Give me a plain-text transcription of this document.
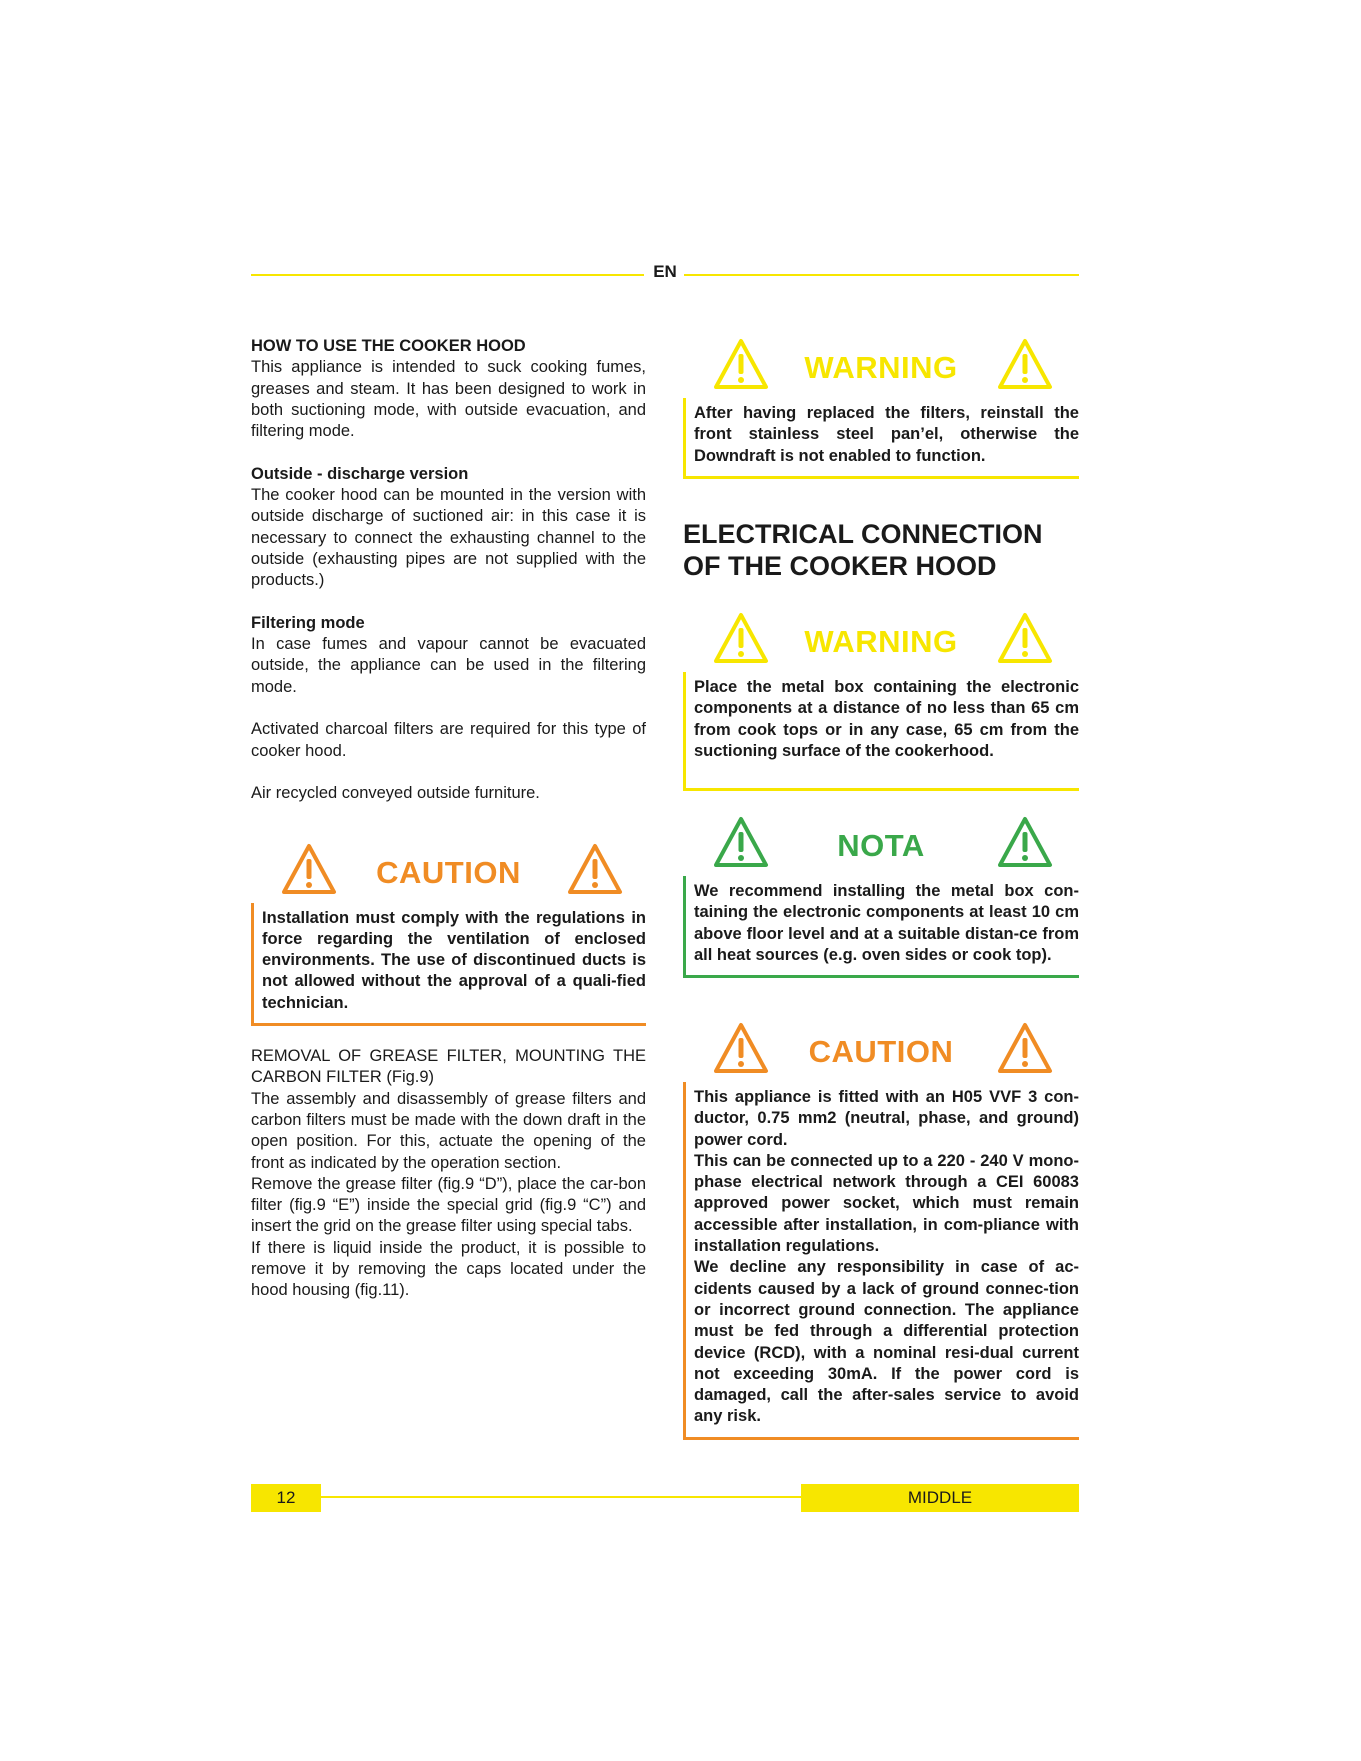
EN

HOW TO USE THE COOKER HOOD

This appliance is intended to suck cooking fumes, greases and steam. It has been designed to work in both suctioning mode, with outside evacuation, and filtering mode.

Outside - discharge version

The cooker hood can be mounted in the version with outside discharge of suctioned air: in this case it is necessary to connect the exhausting channel to the outside (exhausting pipes are not supplied with the products.)

Filtering mode

In case fumes and vapour cannot be evacuated outside, the appliance can be used in the filtering mode.

Activated charcoal filters are required for this type of cooker hood.

Air recycled conveyed outside furniture.

CAUTION
Installation must comply with the regulations in force regarding the ventilation of enclosed environments. The use of discontinued ducts is not allowed without the approval of a quali-fied technician.

REMOVAL OF GREASE FILTER, MOUNTING THE CARBON FILTER (Fig.9)

The assembly and disassembly of grease filters and carbon filters must be made with the down draft in the open position. For this, actuate the opening of the front as indicated by the operation section.

Remove the grease filter (fig.9 “D”), place the car-bon filter (fig.9 “E”) inside the special grid (fig.9 “C”) and insert the grid on the grease filter using special tabs.

If there is liquid inside the product, it is possible to remove it by removing the caps located under the hood housing (fig.11).

WARNING
After having replaced the filters, reinstall the front stainless steel pan’el, otherwise the Downdraft is not enabled to function.

ELECTRICAL CONNECTION

OF THE COOKER HOOD

WARNING
Place the metal box containing the electronic components at a distance of no less than 65 cm from cook tops or in any case, 65 cm from the suctioning surface of the cookerhood.
NOTA
We recommend installing the metal box con-taining the electronic components at least 10 cm above floor level and at a suitable distan-ce from all heat sources (e.g. oven sides or cook top).
CAUTION
This appliance is fitted with an H05 VVF 3 con-ductor, 0.75 mm2 (neutral, phase, and ground) power cord.
This can be connected up to a 220 - 240 V mono-phase electrical network through a CEI 60083 approved power socket, which must remain accessible after installation, in com-pliance with installation regulations.
We decline any responsibility in case of ac-cidents caused by a lack of ground connec-tion or incorrect ground connection. The appliance must be fed through a differential protection device (RCD), with a nominal resi-dual current not exceeding 30mA. If the power cord is damaged, call the after-sales service to avoid any risk.
12	MIDDLE
